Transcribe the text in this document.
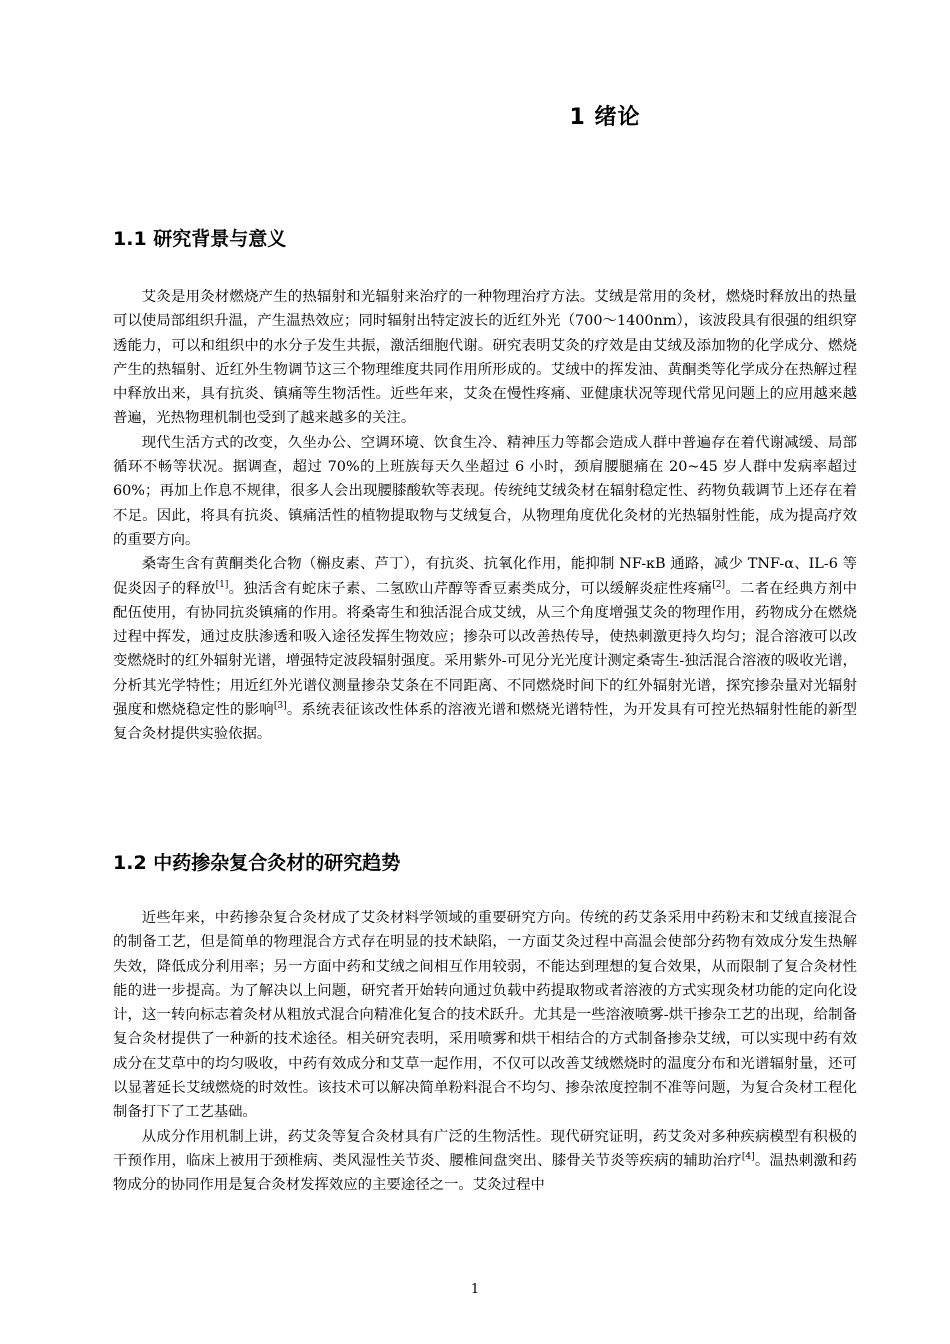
1 绪论
1.1 研究背景与意义

艾灸是用灸材燃烧产生的热辐射和光辐射来治疗的一种物理治疗方法。艾绒是常用的灸材，燃烧时释放出的热量可以使局部组织升温，产生温热效应；同时辐射出特定波长的近红外光（700～1400nm），该波段具有很强的组织穿透能力，可以和组织中的水分子发生共振，激活细胞代谢。研究表明艾灸的疗效是由艾绒及添加物的化学成分、燃烧产生的热辐射、近红外生物调节这三个物理维度共同作用所形成的。艾绒中的挥发油、黄酮类等化学成分在热解过程中释放出来，具有抗炎、镇痛等生物活性。近些年来，艾灸在慢性疼痛、亚健康状况等现代常见问题上的应用越来越普遍，光热物理机制也受到了越来越多的关注。

现代生活方式的改变，久坐办公、空调环境、饮食生冷、精神压力等都会造成人群中普遍存在着代谢减缓、局部循环不畅等状况。据调查，超过 70%的上班族每天久坐超过 6 小时，颈肩腰腿痛在 20~45 岁人群中发病率超过 60%；再加上作息不规律，很多人会出现腰膝酸软等表现。传统纯艾绒灸材在辐射稳定性、药物负载调节上还存在着不足。因此，将具有抗炎、镇痛活性的植物提取物与艾绒复合，从物理角度优化灸材的光热辐射性能，成为提高疗效的重要方向。

桑寄生含有黄酮类化合物（槲皮素、芦丁），有抗炎、抗氧化作用，能抑制 NF-κB 通路，减少 TNF-α、IL-6 等促炎因子的释放[1]。独活含有蛇床子素、二氢欧山芹醇等香豆素类成分，可以缓解炎症性疼痛[2]。二者在经典方剂中配伍使用，有协同抗炎镇痛的作用。将桑寄生和独活混合成艾绒，从三个角度增强艾灸的物理作用，药物成分在燃烧过程中挥发，通过皮肤渗透和吸入途径发挥生物效应；掺杂可以改善热传导，使热刺激更持久均匀；混合溶液可以改变燃烧时的红外辐射光谱，增强特定波段辐射强度。采用紫外-可见分光光度计测定桑寄生-独活混合溶液的吸收光谱，分析其光学特性；用近红外光谱仪测量掺杂艾条在不同距离、不同燃烧时间下的红外辐射光谱，探究掺杂量对光辐射强度和燃烧稳定性的影响[3]。系统表征该改性体系的溶液光谱和燃烧光谱特性，为开发具有可控光热辐射性能的新型复合灸材提供实验依据。

1.2 中药掺杂复合灸材的研究趋势

近些年来，中药掺杂复合灸材成了艾灸材料学领域的重要研究方向。传统的药艾条采用中药粉末和艾绒直接混合的制备工艺，但是简单的物理混合方式存在明显的技术缺陷，一方面艾灸过程中高温会使部分药物有效成分发生热解失效，降低成分利用率；另一方面中药和艾绒之间相互作用较弱，不能达到理想的复合效果，从而限制了复合灸材性能的进一步提高。为了解决以上问题，研究者开始转向通过负载中药提取物或者溶液的方式实现灸材功能的定向化设计，这一转向标志着灸材从粗放式混合向精准化复合的技术跃升。尤其是一些溶液喷雾-烘干掺杂工艺的出现，给制备复合灸材提供了一种新的技术途径。相关研究表明，采用喷雾和烘干相结合的方式制备掺杂艾绒，可以实现中药有效成分在艾草中的均匀吸收，中药有效成分和艾草一起作用，不仅可以改善艾绒燃烧时的温度分布和光谱辐射量，还可以显著延长艾绒燃烧的时效性。该技术可以解决简单粉料混合不均匀、掺杂浓度控制不准等问题，为复合灸材工程化制备打下了工艺基础。

从成分作用机制上讲，药艾灸等复合灸材具有广泛的生物活性。现代研究证明，药艾灸对多种疾病模型有积极的干预作用，临床上被用于颈椎病、类风湿性关节炎、腰椎间盘突出、膝骨关节炎等疾病的辅助治疗[4]。温热刺激和药物成分的协同作用是复合灸材发挥效应的主要途径之一。艾灸过程中

1
